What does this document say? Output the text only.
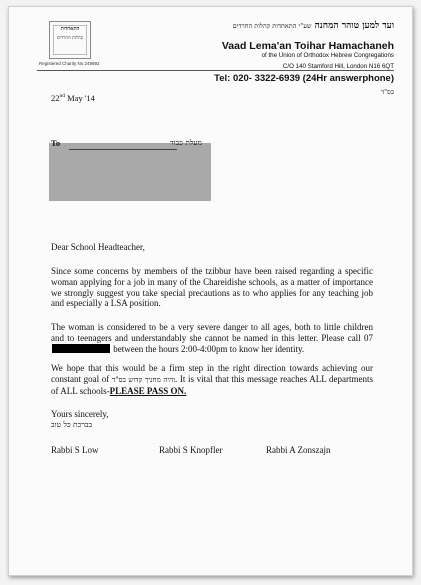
התאחדות
קהלות החרדים
Registered Charity No 249892
ועד למען טוהר המחנה שע"י התאחדות קהלות החרדים
Vaad Lema'an Toihar Hamachaneh
of the Union of Orthodox Hebrew Congregations
C/O 140 Stamford Hill, London N16 6QT
Tel: 020- 3322-6939 (24Hr answerphone)
בס"ד
22nd May '14
To	מעלת כבוד
Dear School Headteacher,
Since some concerns by members of the tzibbur have been raised regarding a specific woman applying for a job in many of the Chareidishe schools, as a matter of importance we strongly suggest you take special precautions as to who applies for any teaching job and especially a LSA position.
The woman is considered to be a very severe danger to all ages, both to little children and to teenagers and understandably she cannot be named in this letter. Please call 07 between the hours 2:00-4:00pm to know her identity.
We hope that this would be a firm step in the right direction towards achieving our constant goal of והיה מחניך קדוש בס"ד. It is vital that this message reaches ALL departments of ALL schools-PLEASE PASS ON.
Yours sincerely,
בברכת כל טוב
Rabbi S Low	Rabbi S Knopfler	Rabbi A Zonszajn
